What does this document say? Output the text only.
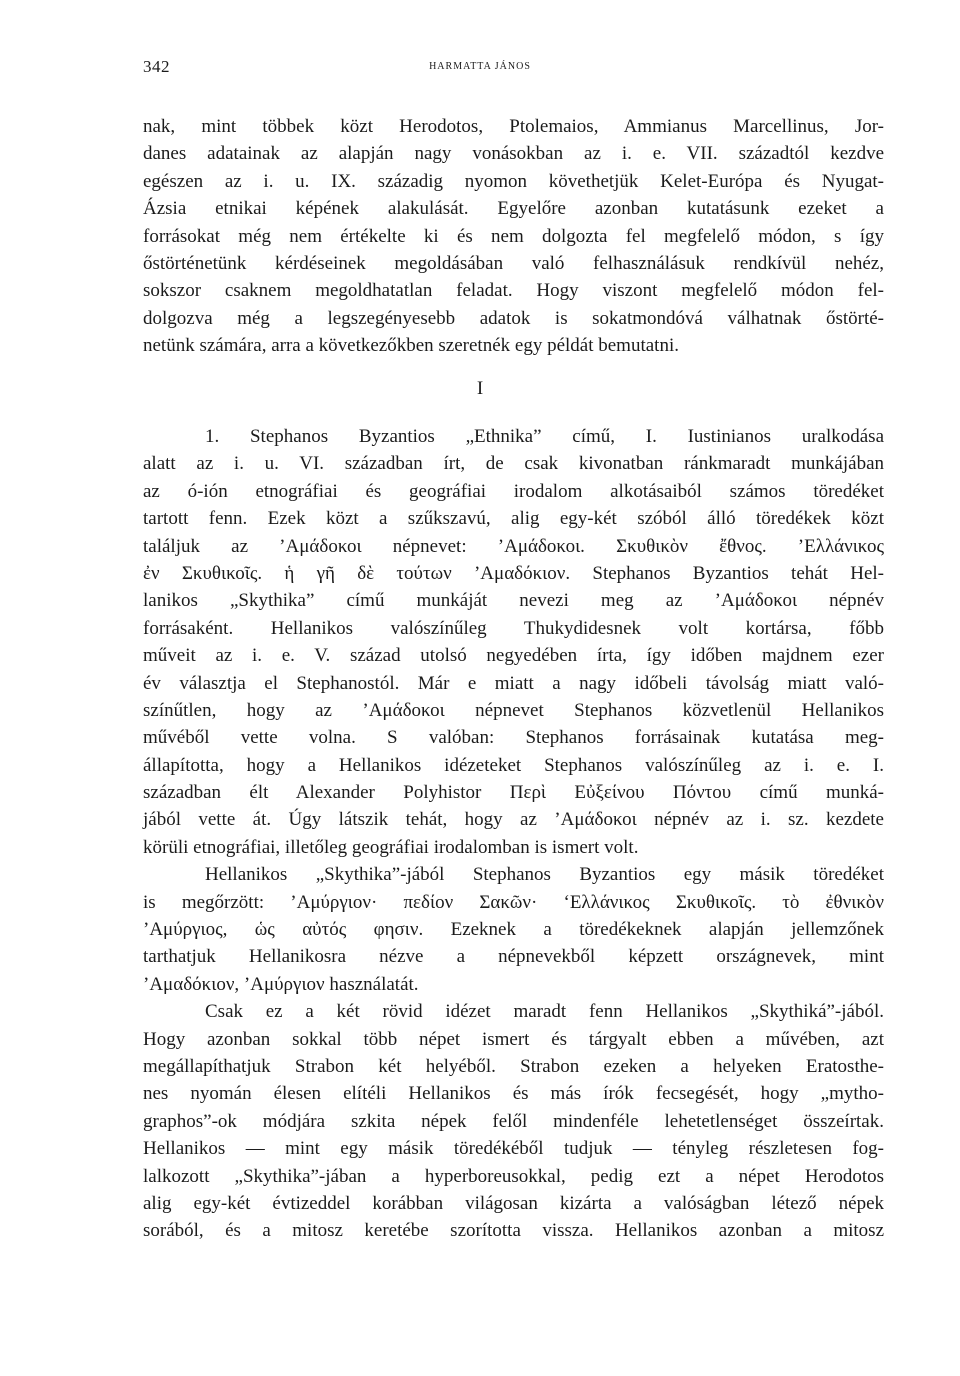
342	HARMATTA JÁNOS
nak, mint többek közt Herodotos, Ptolemaios, Ammianus Marcellinus, Jor-
danes adatainak az alapján nagy vonásokban az i. e. VII. századtól kezdve
egészen az i. u. IX. századig nyomon követhetjük Kelet-Európa és Nyugat-
Ázsia etnikai képének alakulását. Egyelőre azonban kutatásunk ezeket a
forrásokat még nem értékelte ki és nem dolgozta fel megfelelő módon, s így
őstörténetünk kérdéseinek megoldásában való felhasználásuk rendkívül nehéz,
sokszor csaknem megoldhatatlan feladat. Hogy viszont megfelelő módon fel-
dolgozva még a legszegényesebb adatok is sokatmondóvá válhatnak őstörté-
netünk számára, arra a következőkben szeretnék egy példát bemutatni.
I
1. Stephanos Byzantios „Ethnika” című, I. Iustinianos uralkodása
alatt az i. u. VI. században írt, de csak kivonatban ránkmaradt munkájában
az ó-ión etnográfiai és geográfiai irodalom alkotásaiból számos töredéket
tartott fenn. Ezek közt a szűkszavú, alig egy-két szóból álló töredékek közt
találjuk az ’Αμάδοκοι népnevet: ’Αμάδοκοι. Σκυθικὸν ἔθνος. ’Ελλάνικος
ἐν Σκυθικοῖς. ἡ γῆ δὲ τούτων ’Αμαδόκιον. Stephanos Byzantios tehát Hel-
lanikos „Skythika” című munkáját nevezi meg az ’Αμάδοκοι népnév
forrásaként. Hellanikos valószínűleg Thukydidesnek volt kortársa, főbb
műveit az i. e. V. század utolsó negyedében írta, így időben majdnem ezer
év választja el Stephanostól. Már e miatt a nagy időbeli távolság miatt való-
színűtlen, hogy az ’Αμάδοκοι népnevet Stephanos közvetlenül Hellanikos
művéből vette volna. S valóban: Stephanos forrásainak kutatása meg-
állapította, hogy a Hellanikos idézeteket Stephanos valószínűleg az i. e. I.
században élt Alexander Polyhistor Περὶ Εὐξείνου Πόντου című munká-
jából vette át. Úgy látszik tehát, hogy az ’Αμάδοκοι népnév az i. sz. kezdete
körüli etnográfiai, illetőleg geográfiai irodalomban is ismert volt.
Hellanikos „Skythika”-jából Stephanos Byzantios egy másik töredéket
is megőrzött: ’Αμύργιον· πεδίον Σακῶν· ‘Ελλάνικος Σκυθικοῖς. τὸ ἐθνικὸν
’Αμύργιος, ὡς αὐτός φησιν. Ezeknek a töredékeknek alapján jellemzőnek
tarthatjuk Hellanikosra nézve a népnevekből képzett országnevek, mint
’Αμαδόκιον, ’Αμύργιον használatát.
Csak ez a két rövid idézet maradt fenn Hellanikos „Skythiká”-jából.
Hogy azonban sokkal több népet ismert és tárgyalt ebben a művében, azt
megállapíthatjuk Strabon két helyéből. Strabon ezeken a helyeken Eratosthe-
nes nyomán élesen elítéli Hellanikos és más írók fecsegését, hogy „mytho-
graphos”-ok módjára szkita népek felől mindenféle lehetetlenséget összeírtak.
Hellanikos — mint egy másik töredékéből tudjuk — tényleg részletesen fog-
lalkozott „Skythika”-jában a hyperboreusokkal, pedig ezt a népet Herodotos
alig egy-két évtizeddel korábban világosan kizárta a valóságban létező népek
sorából, és a mitosz keretébe szorította vissza. Hellanikos azonban a mitosz
